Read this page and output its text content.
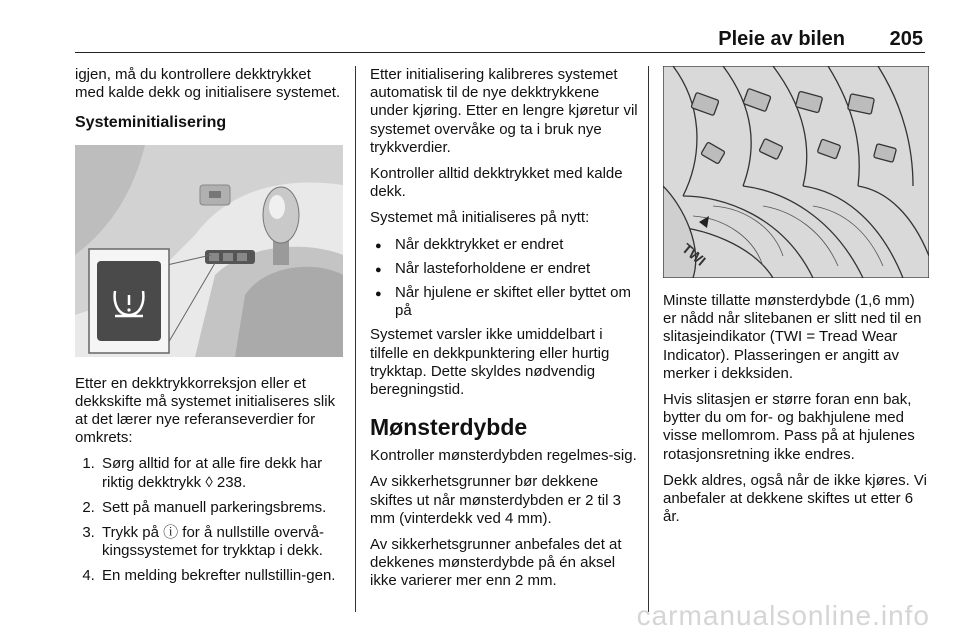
Pleie av bilen 205

igjen, må du kontrollere dekktrykket med kalde dekk og initialisere systemet.

Systeminitialisering

Etter en dekktrykkorreksjon eller et dekkskifte må systemet initialiseres slik at det lærer nye referanseverdier for omkrets:

1. Sørg alltid for at alle fire dekk har riktig dekktrykk ◊ 238.
2. Sett på manuell parkeringsbrems.
3. Trykk på ⓘ for å nullstille overvå-kingssystemet for trykktap i dekk.
4. En melding bekrefter nullstillin-gen.

Etter initialisering kalibreres systemet automatisk til de nye dekktrykkene under kjøring. Etter en lengre kjøretur vil systemet overvåke og ta i bruk nye trykkverdier.

Kontroller alltid dekktrykket med kalde dekk.

Systemet må initialiseres på nytt:

● Når dekktrykket er endret
● Når lasteforholdene er endret
● Når hjulene er skiftet eller byttet om på

Systemet varsler ikke umiddelbart i tilfelle en dekkpunktering eller hurtig trykktap. Dette skyldes nødvendig beregningstid.

Mønsterdybde

Kontroller mønsterdybden regelmes-sig.

Av sikkerhetsgrunner bør dekkene skiftes ut når mønsterdybden er 2 til 3 mm (vinterdekk ved 4 mm).

Av sikkerhetsgrunner anbefales det at dekkenes mønsterdybde på én aksel ikke varierer mer enn 2 mm.

TWI

Minste tillatte mønsterdybde (1,6 mm) er nådd når slitebanen er slitt ned til en slitasjeindikator (TWI = Tread Wear Indicator). Plasseringen er angitt av merker i dekksiden.

Hvis slitasjen er større foran enn bak, bytter du om for- og bakhjulene med visse mellomrom. Pass på at hjulenes rotasjonsretning ikke endres.

Dekk aldres, også når de ikke kjøres. Vi anbefaler at dekkene skiftes ut etter 6 år.

carmanualsonline.info
